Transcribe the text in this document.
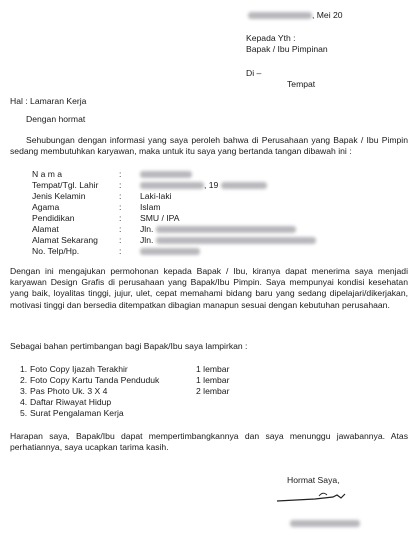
, Mei 20
Kepada Yth :
Bapak / Ibu Pimpinan
Di –
Tempat
Hal : Lamaran Kerja
Dengan hormat
Sehubungan dengan informasi yang saya peroleh bahwa di Perusahaan yang Bapak / Ibu Pimpin sedang membutuhkan karyawan, maka untuk itu saya yang bertanda tangan dibawah ini :
N a m a	:
Tempat/Tgl. Lahir :	, 19
Jenis Kelamin	: Laki-laki
Agama	: Islam
Pendidikan	: SMU / IPA
Alamat	: Jln.
Alamat Sekarang : Jln.
No. Telp/Hp.	:
Dengan ini mengajukan permohonan kepada Bapak / Ibu, kiranya dapat menerima saya menjadi karyawan Design Grafis di perusahaan yang Bapak/Ibu Pimpin. Saya mempunyai kondisi kesehatan yang baik, loyalitas tinggi, jujur, ulet, cepat memahami bidang baru yang sedang dipelajari/dikerjakan, motivasi tinggi dan bersedia ditempatkan dibagian manapun sesuai dengan kebutuhan perusahaan.
Sebagai bahan pertimbangan bagi Bapak/Ibu saya lampirkan :
1. Foto Copy Ijazah Terakhir	1 lembar
2. Foto Copy Kartu Tanda Penduduk	1 lembar
3. Pas Photo Uk. 3 X 4	2 lembar
4. Daftar Riwayat Hidup
5. Surat Pengalaman Kerja
Harapan saya, Bapak/Ibu dapat mempertimbangkannya dan saya menunggu jawabannya. Atas perhatiannya, saya ucapkan tarima kasih.
Hormat Saya,
